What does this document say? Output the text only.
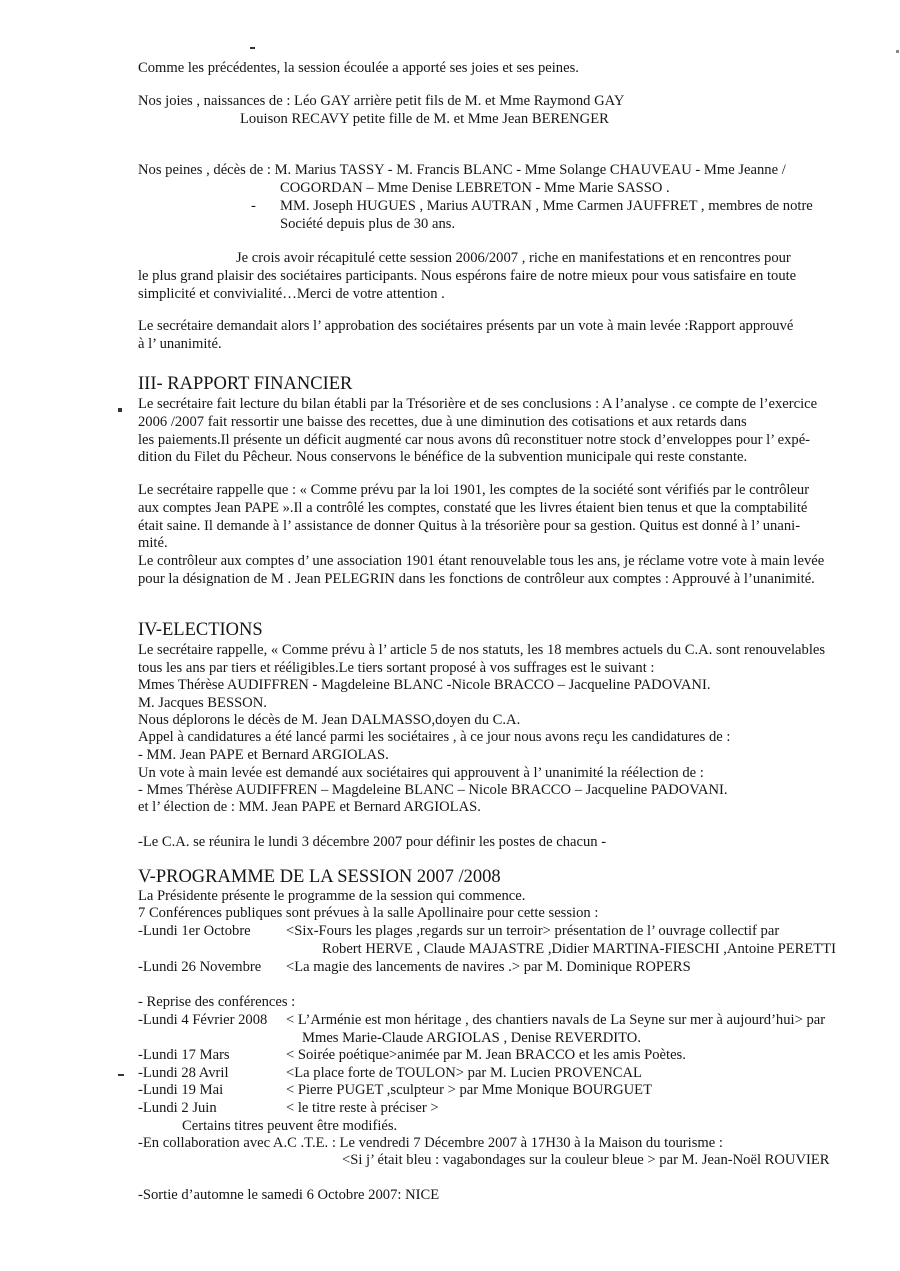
Comme les précédentes, la session écoulée a apporté ses joies et ses peines.
Nos joies , naissances de : Léo GAY arrière petit fils de M. et Mme Raymond GAY
Louison RECAVY petite fille de M. et Mme Jean BERENGER
Nos peines , décès de : M. Marius TASSY - M. Francis BLANC - Mme Solange CHAUVEAU - Mme Jeanne /
COGORDAN – Mme Denise LEBRETON - Mme Marie SASSO .
- MM. Joseph HUGUES , Marius AUTRAN , Mme Carmen JAUFFRET , membres de notre
Société depuis plus de 30 ans.
Je crois avoir récapitulé cette session 2006/2007 , riche en manifestations et en rencontres pour
le plus grand plaisir des sociétaires participants. Nous espérons faire de notre mieux pour vous satisfaire en toute
simplicité et convivialité…Merci de votre attention .
Le secrétaire demandait alors l’ approbation des sociétaires présents par un vote à main levée :Rapport approuvé
à l’ unanimité.
III- RAPPORT FINANCIER
Le secrétaire fait lecture du bilan établi par la Trésorière et de ses conclusions : A l’analyse . ce compte de l’exercice
2006 /2007 fait ressortir une baisse des recettes, due à une diminution des cotisations et aux retards dans
les paiements.Il présente un déficit augmenté car nous avons dû reconstituer notre stock d’enveloppes pour l’ expé-
dition du Filet du Pêcheur. Nous conservons le bénéfice de la subvention municipale qui reste constante.
Le secrétaire rappelle que : « Comme prévu par la loi 1901, les comptes de la société sont vérifiés par le contrôleur
aux comptes Jean PAPE ».Il a contrôlé les comptes, constaté que les livres étaient bien tenus et que la comptabilité
était saine. Il demande à l’ assistance de donner Quitus à la trésorière pour sa gestion. Quitus est donné à l’ unani-
mité.
Le contrôleur aux comptes d’ une association 1901 étant renouvelable tous les ans, je réclame votre vote à main levée
pour la désignation de M . Jean PELEGRIN dans les fonctions de contrôleur aux comptes : Approuvé à l’unanimité.
IV-ELECTIONS
Le secrétaire rappelle, « Comme prévu à l’ article 5 de nos statuts, les 18 membres actuels du C.A. sont renouvelables
tous les ans par tiers et rééligibles.Le tiers sortant proposé à vos suffrages est le suivant :
Mmes Thérèse AUDIFFREN - Magdeleine BLANC -Nicole BRACCO – Jacqueline PADOVANI.
M. Jacques BESSON.
Nous déplorons le décès de M. Jean DALMASSO,doyen du C.A.
Appel à candidatures a été lancé parmi les sociétaires , à ce jour nous avons reçu les candidatures de :
- MM. Jean PAPE et Bernard ARGIOLAS.
Un vote à main levée est demandé aux sociétaires qui approuvent à l’ unanimité la réélection de :
- Mmes Thérèse AUDIFFREN – Magdeleine BLANC – Nicole BRACCO – Jacqueline PADOVANI.
et l’ élection de : MM. Jean PAPE et Bernard ARGIOLAS.
-Le C.A. se réunira le lundi 3 décembre 2007 pour définir les postes de chacun -
V-PROGRAMME DE LA SESSION 2007 /2008
La Présidente présente le programme de la session qui commence.
7 Conférences publiques sont prévues à la salle Apollinaire pour cette session :
-Lundi 1er Octobre <Six-Fours les plages ,regards sur un terroir> présentation de l’ ouvrage collectif par
Robert HERVE , Claude MAJASTRE ,Didier MARTINA-FIESCHI ,Antoine PERETTI
-Lundi 26 Novembre <La magie des lancements de navires .> par M. Dominique ROPERS
- Reprise des conférences :
-Lundi 4 Février 2008 < L’Arménie est mon héritage , des chantiers navals de La Seyne sur mer à aujourd’hui> par
Mmes Marie-Claude ARGIOLAS , Denise REVERDITO.
-Lundi 17 Mars	< Soirée poétique>animée par M. Jean BRACCO et les amis Poètes.
-Lundi 28 Avril	<La place forte de TOULON> par M. Lucien PROVENCAL
-Lundi 19 Mai	< Pierre PUGET ,sculpteur > par Mme Monique BOURGUET
-Lundi 2 Juin	< le titre reste à préciser >
Certains titres peuvent être modifiés.
-En collaboration avec A.C .T.E. : Le vendredi 7 Décembre 2007 à 17H30 à la Maison du tourisme :
<Si j’ était bleu : vagabondages sur la couleur bleue > par M. Jean-Noël ROUVIER
-Sortie d’automne le samedi 6 Octobre 2007: NICE
